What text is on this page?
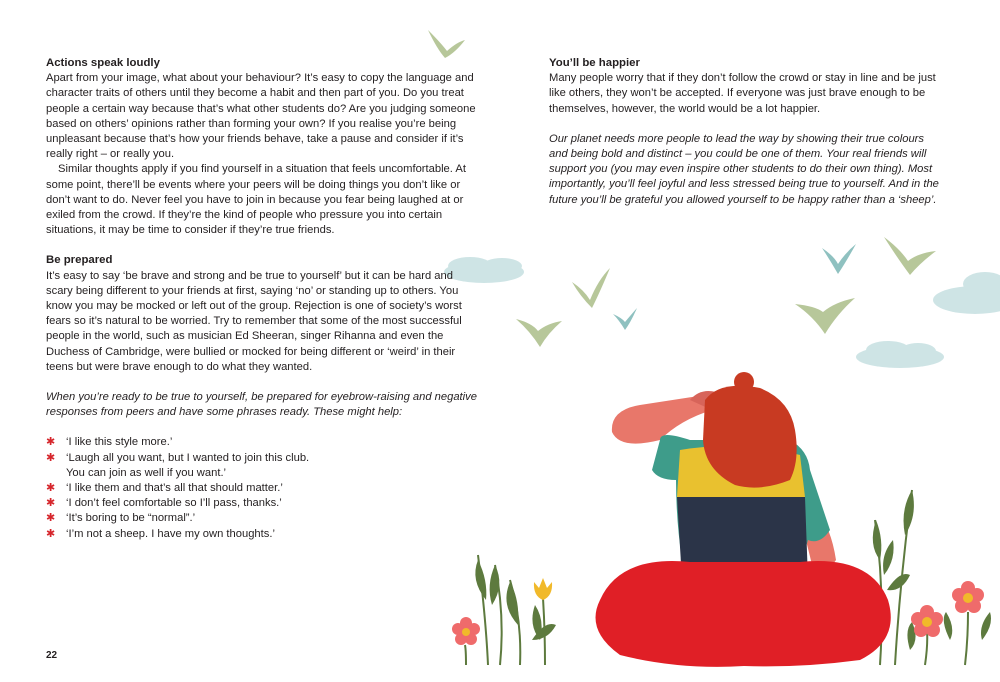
Actions speak loudly

Apart from your image, what about your behaviour? It’s easy to copy the language and character traits of others until they become a habit and then part of you. Do you treat people a certain way because that’s what other students do? Are you judging someone based on others’ opinions rather than forming your own? If you realise you’re being unpleasant because that’s how your friends behave, take a pause and consider if it’s really right – or really you.

Similar thoughts apply if you find yourself in a situation that feels uncomfortable. At some point, there’ll be events where your peers will be doing things you don’t like or don’t want to do. Never feel you have to join in because you fear being laughed at or exiled from the crowd. If they’re the kind of people who pressure you into certain situations, it may be time to consider if they’re true friends.

Be prepared

It’s easy to say ‘be brave and strong and be true to yourself’ but it can be hard and scary being different to your friends at first, saying ‘no’ or standing up to others. You know you may be mocked or left out of the group. Rejection is one of society’s worst fears so it’s natural to be worried. Try to remember that some of the most successful people in the world, such as musician Ed Sheeran, singer Rihanna and even the Duchess of Cambridge, were bullied or mocked for being different or ‘weird’ in their teens but were brave enough to do what they wanted.

When you’re ready to be true to yourself, be prepared for eyebrow-raising and negative responses from peers and have some phrases ready. These might help:

✱ ‘I like this style more.’
✱ ‘Laugh all you want, but I wanted to join this club. You can join as well if you want.’
✱ ‘I like them and that’s all that should matter.’
✱ ‘I don’t feel comfortable so I’ll pass, thanks.’
✱ ‘It’s boring to be “normal”.’
✱ ‘I’m not a sheep. I have my own thoughts.’
You’ll be happier

Many people worry that if they don’t follow the crowd or stay in line and be just like others, they won’t be accepted. If everyone was just brave enough to be themselves, however, the world would be a lot happier.

Our planet needs more people to lead the way by showing their true colours and being bold and distinct – you could be one of them. Your real friends will support you (you may even inspire other students to do their own thing). Most importantly, you’ll feel joyful and less stressed being true to yourself. And in the future you’ll be grateful you allowed yourself to be happy rather than a ‘sheep’.

22
